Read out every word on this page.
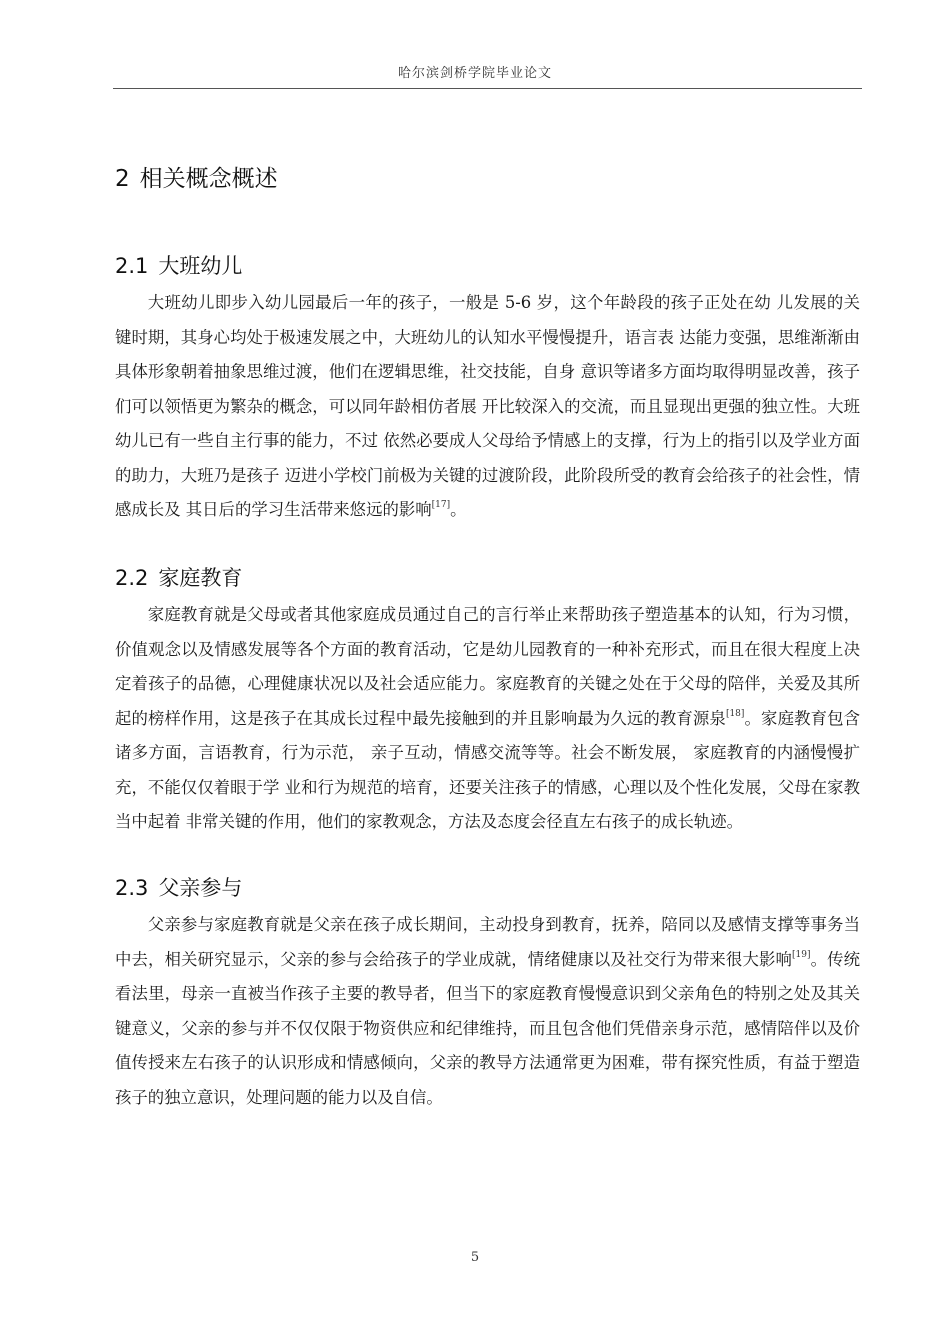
哈尔滨剑桥学院毕业论文
2 相关概念概述
2.1 大班幼儿

大班幼儿即步入幼儿园最后一年的孩子，一般是 5-6 岁，这个年龄段的孩子正处在幼 儿发展的关键时期，其身心均处于极速发展之中，大班幼儿的认知水平慢慢提升，语言表 达能力变强，思维渐渐由具体形象朝着抽象思维过渡，他们在逻辑思维，社交技能，自身 意识等诸多方面均取得明显改善，孩子们可以领悟更为繁杂的概念，可以同年龄相仿者展 开比较深入的交流，而且显现出更强的独立性。大班幼儿已有一些自主行事的能力，不过 依然必要成人父母给予情感上的支撑，行为上的指引以及学业方面的助力，大班乃是孩子 迈进小学校门前极为关键的过渡阶段，此阶段所受的教育会给孩子的社会性，情感成长及 其日后的学习生活带来悠远的影响[17]。

2.2 家庭教育

家庭教育就是父母或者其他家庭成员通过自己的言行举止来帮助孩子塑造基本的认知，行为习惯，价值观念以及情感发展等各个方面的教育活动，它是幼儿园教育的一种补充形式，而且在很大程度上决定着孩子的品德，心理健康状况以及社会适应能力。家庭教育的关键之处在于父母的陪伴，关爱及其所起的榜样作用，这是孩子在其成长过程中最先接触到的并且影响最为久远的教育源泉[18]。家庭教育包含诸多方面，言语教育，行为示范， 亲子互动，情感交流等等。社会不断发展， 家庭教育的内涵慢慢扩充，不能仅仅着眼于学 业和行为规范的培育，还要关注孩子的情感，心理以及个性化发展，父母在家教当中起着 非常关键的作用，他们的家教观念，方法及态度会径直左右孩子的成长轨迹。

2.3 父亲参与

父亲参与家庭教育就是父亲在孩子成长期间，主动投身到教育，抚养，陪同以及感情支撑等事务当中去，相关研究显示，父亲的参与会给孩子的学业成就，情绪健康以及社交行为带来很大影响[19]。传统看法里，母亲一直被当作孩子主要的教导者，但当下的家庭教育慢慢意识到父亲角色的特别之处及其关键意义，父亲的参与并不仅仅限于物资供应和纪律维持，而且包含他们凭借亲身示范，感情陪伴以及价值传授来左右孩子的认识形成和情感倾向，父亲的教导方法通常更为困难，带有探究性质，有益于塑造孩子的独立意识，处理问题的能力以及自信。

5
